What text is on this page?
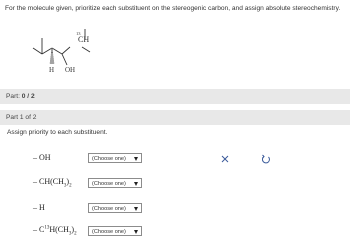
For the molecule given, prioritize each substituent on the stereogenic carbon, and assign absolute stereochemistry.
13
CH
H OH
Part: 0 / 2
Part 1 of 2
Assign priority to each substituent.
– OH	(Choose one)
– $CH(CH_3)_2$	(Choose one)
– H	(Choose one)
– $C^{13}H(CH_3)_2$	(Choose one)
